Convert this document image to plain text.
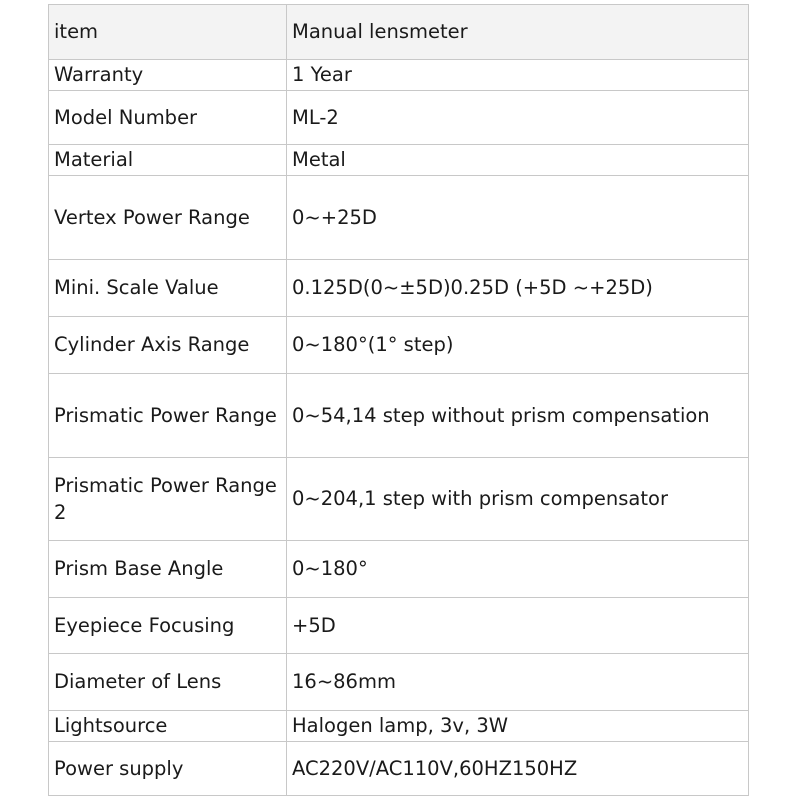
item	Manual lensmeter
Warranty	1 Year
Model Number	ML-2
Material	Metal
Vertex Power Range	0~+25D
Mini. Scale Value	0.125D(0~±5D)0.25D (+5D ~+25D)
Cylinder Axis Range	0~180°(1° step)
Prismatic Power Range	0~54,14 step without prism compensation
Prismatic Power Range 2	0~204,1 step with prism compensator
Prism Base Angle	0~180°
Eyepiece Focusing	+5D
Diameter of Lens	16~86mm
Lightsource	Halogen lamp, 3v, 3W
Power supply	AC220V/AC110V,60HZ150HZ
